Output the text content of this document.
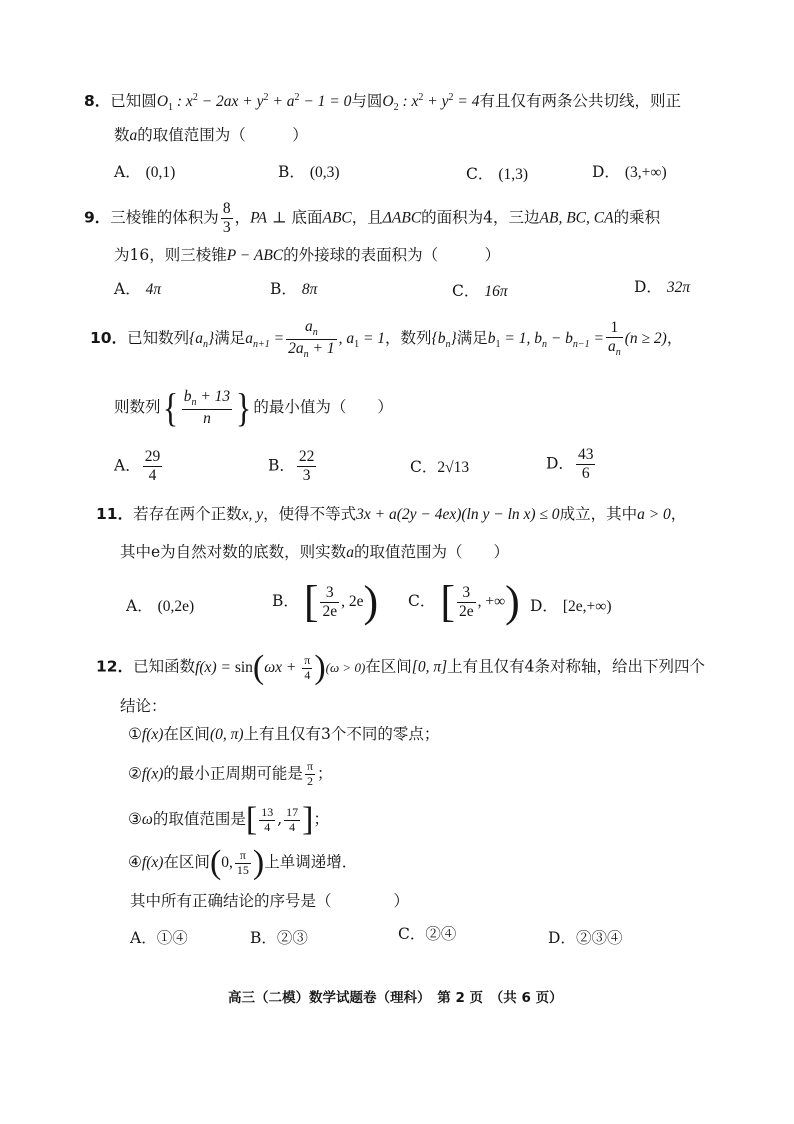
8．已知圆$O_1$ : $x^2 - 2ax + y^2 + a^2 - 1 = 0$与圆$O_2$ : $x^2 + y^2 = 4$有且仅有两条公共切线，则正
数a的取值范围为（　　　）
A． (0,1)	B． (0,3)	C． (1,3)	D． (3,+∞)
9．三棱锥的体积为 $\frac{8}{3}$ ，PA ⊥ 底面ABC，且ΔABC的面积为4，三边AB, BC, CA的乘积
为16，则三棱锥P − ABC的外接球的表面积为（　　　）
A． 4π	B． 8π	C． 16π	D． 32π
10．已知数列$\{a_n\}$满足$a_{n+1} = \frac{a_n}{2a_n + 1}$ , $a_1 = 1$，数列$\{b_n\}$满足$b_1 = 1$, $b_n - b_{n-1} = \frac{1}{a_n} (n \ge 2)$，
则数列{ $\frac{b_n + 13}{n}$ } 的最小值为（　　）
A． $\frac{29}{4}$	B． $\frac{22}{3}$	C．2√13	D． $\frac{43}{6}$
11．若存在两个正数x, y，使得不等式3x + a(2y − 4ex)(ln y − ln x) ≤ 0成立，其中a > 0，
其中e为自然对数的底数，则实数a的取值范围为（　　）
A． (0,2e)	B． [ $\frac{3}{2e}$ , 2e) C． [ $\frac{3}{2e}$ , +∞) D． [2e,+∞)
12．已知函数$f(x) = \sin(\omega x + \frac{\pi}{4} )(\omega > 0)$在区间[0, π]上有且仅有4条对称轴，给出下列四个
结论：
①f(x)在区间(0, π)上有且仅有3个不同的零点；
②f(x)的最小正周期可能是 $\frac{\pi}{2}$ ；
③ω的取值范围是[ $\frac{13}{4}$ , $\frac{17}{4}$ ]；
④f(x)在区间(0, $\frac{\pi}{15}$ )上单调递增．
其中所有正确结论的序号是（　　　　）
A．①④	B．②③	C．②④	D．②③④
高三（二模）数学试题卷（理科）　第 2 页　（共 6 页）
